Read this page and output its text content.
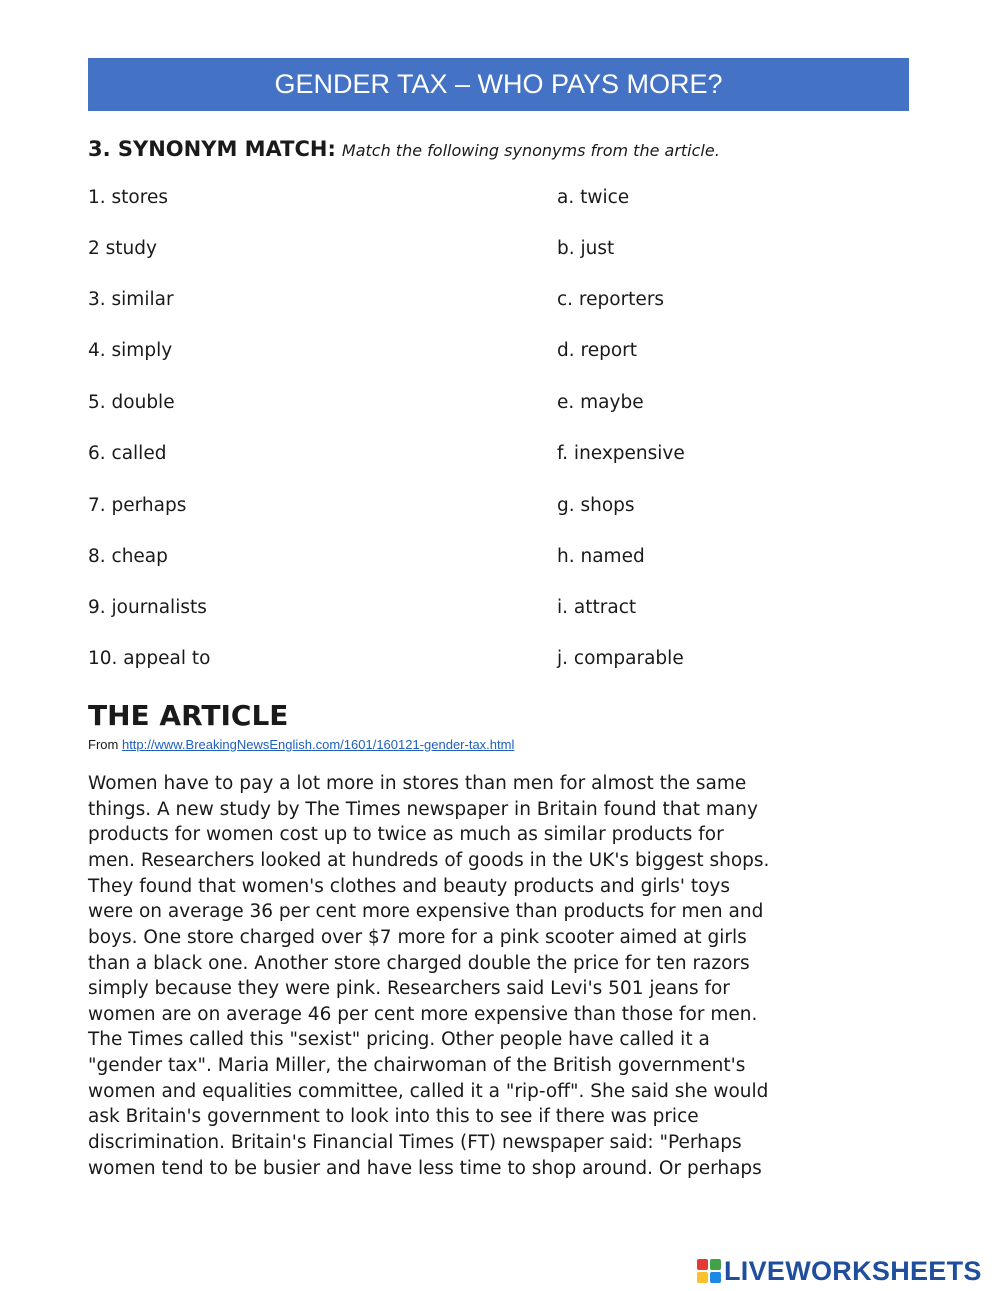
GENDER TAX – WHO PAYS MORE?
3. SYNONYM MATCH: Match the following synonyms from the article.
1. stores	a. twice
2 study	b. just
3. similar	c. reporters
4. simply	d. report
5. double	e. maybe
6. called	f. inexpensive
7. perhaps	g. shops
8. cheap	h. named
9. journalists	i. attract
10. appeal to	j. comparable
THE ARTICLE
From http://www.BreakingNewsEnglish.com/1601/160121-gender-tax.html
Women have to pay a lot more in stores than men for almost the same
things. A new study by The Times newspaper in Britain found that many
products for women cost up to twice as much as similar products for
men. Researchers looked at hundreds of goods in the UK's biggest shops.
They found that women's clothes and beauty products and girls' toys
were on average 36 per cent more expensive than products for men and
boys. One store charged over $7 more for a pink scooter aimed at girls
than a black one. Another store charged double the price for ten razors
simply because they were pink. Researchers said Levi's 501 jeans for
women are on average 46 per cent more expensive than those for men.
The Times called this "sexist" pricing. Other people have called it a
"gender tax". Maria Miller, the chairwoman of the British government's
women and equalities committee, called it a "rip-off". She said she would
ask Britain's government to look into this to see if there was price
discrimination. Britain's Financial Times (FT) newspaper said: "Perhaps
women tend to be busier and have less time to shop around. Or perhaps
LIVEWORKSHEETS
